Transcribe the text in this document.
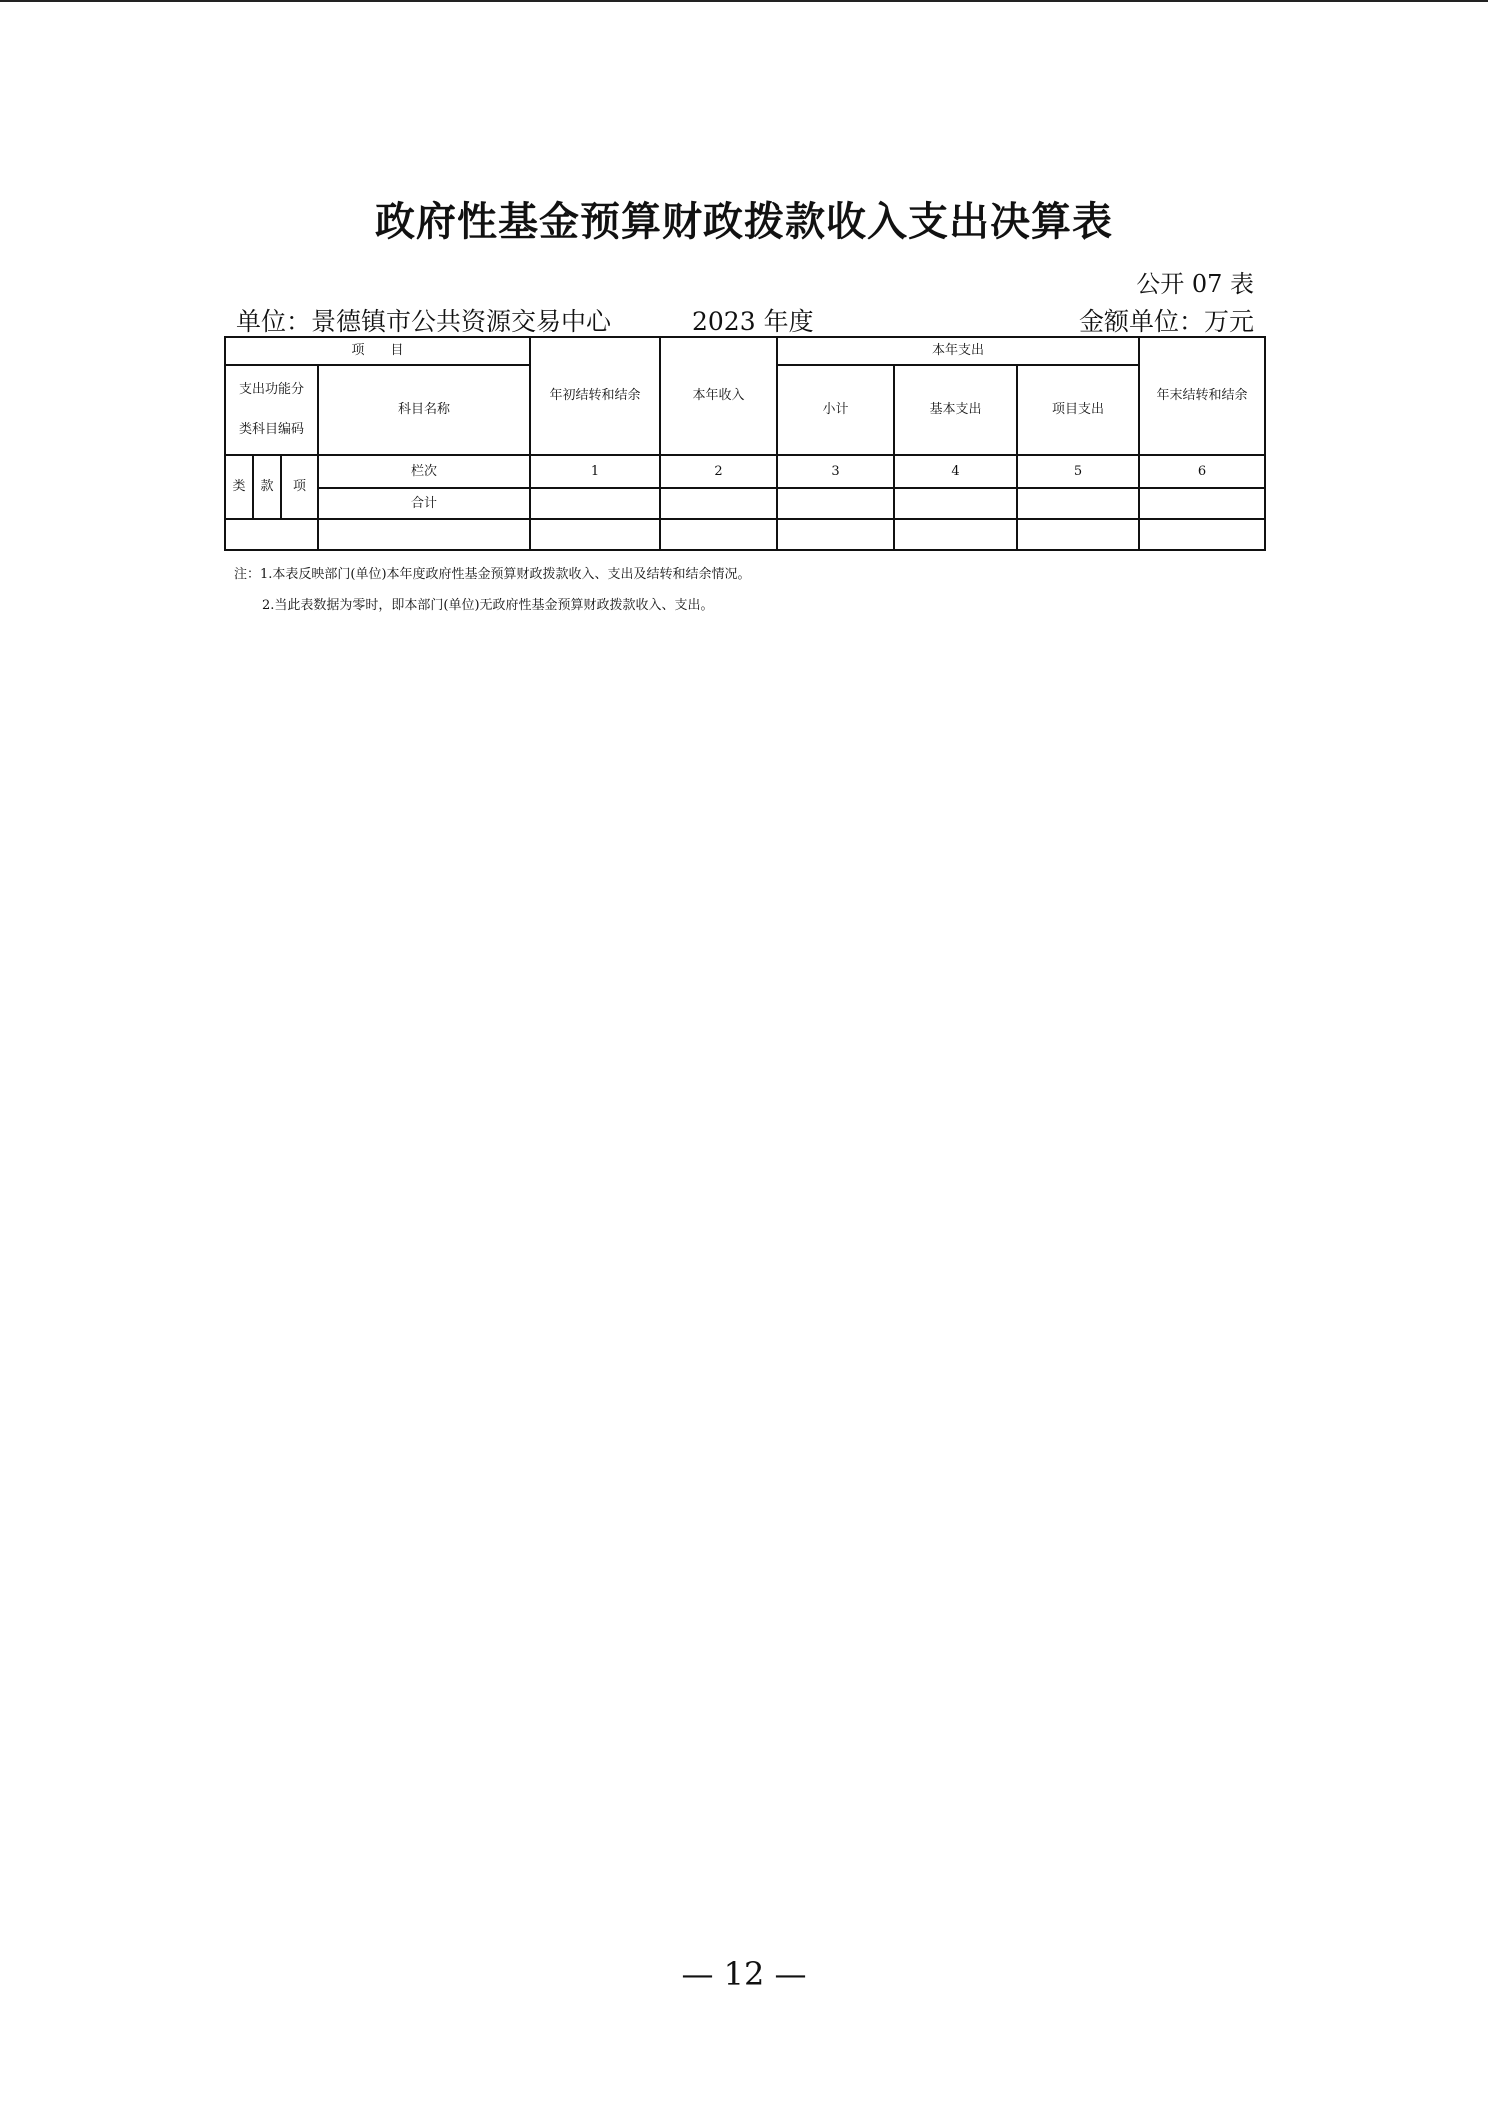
政府性基金预算财政拨款收入支出决算表
公开 07 表
单位：景德镇市公共资源交易中心	2023 年度	金额单位：万元
项　　目				年初结转和结余	本年收入	本年支出			年末结转和结余

支出功能分
类科目编码			科目名称			小计	基本支出	项目支出	
类	款	项	栏次	1	2	3	4	5	6
			合计						

注：1.本表反映部门(单位)本年度政府性基金预算财政拨款收入、支出及结转和结余情况。
2.当此表数据为零时，即本部门(单位)无政府性基金预算财政拨款收入、支出。
— 12 —
